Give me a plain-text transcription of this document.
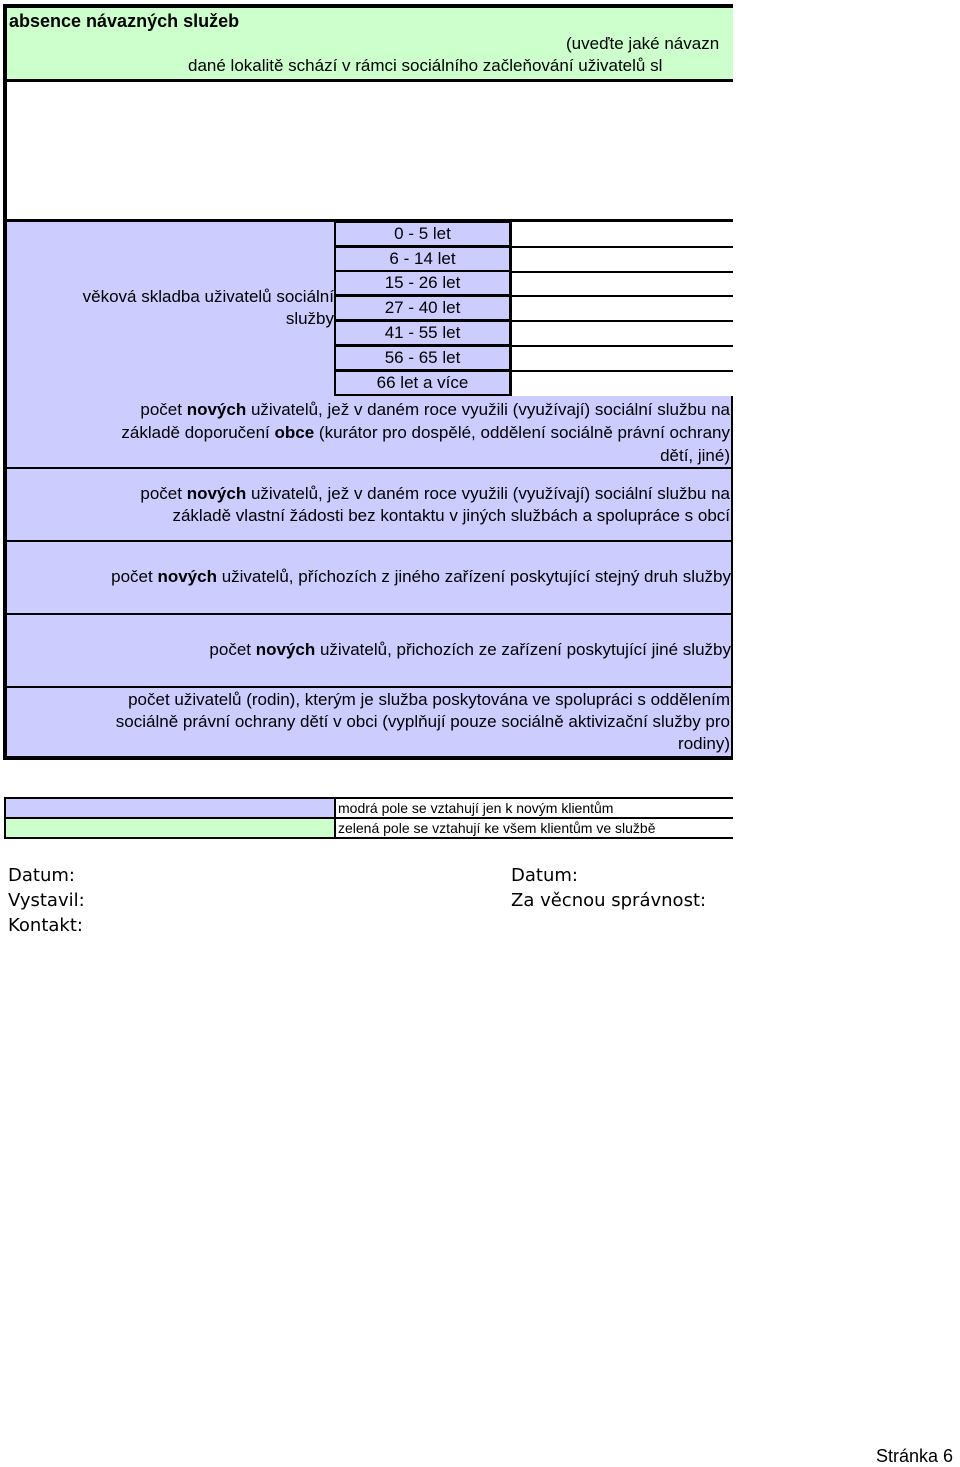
absence návazných služeb
(uveďte jaké návazn
dané lokalitě schází v rámci sociálního začleňování uživatelů sl
věková skladba uživatelů sociální
služby
0 - 5 let
6 - 14 let
15 - 26 let
27 - 40 let
41 - 55 let
56 - 65 let
66 let a více
počet nových uživatelů, jež v daném roce využili (využívají) sociální službu na
základě doporučení obce (kurátor pro dospělé, oddělení sociálně právní ochrany
dětí, jiné)
počet nových uživatelů, jež v daném roce využili (využívají) sociální službu na
základě vlastní žádosti bez kontaktu v jiných službách a spolupráce s obcí
počet nových uživatelů, příchozích z jiného zařízení poskytující stejný druh služby
počet nových uživatelů, přichozích ze zařízení poskytující jiné služby
počet uživatelů (rodin), kterým je služba poskytována ve spolupráci s oddělením
sociálně právní ochrany dětí v obci (vyplňují pouze sociálně aktivizační služby pro
rodiny)
modrá pole se vztahují jen k novým klientům
zelená pole se vztahují ke všem klientům ve službě
Datum:
Vystavil:
Kontakt:
Datum:
Za věcnou správnost:
Stránka 6
